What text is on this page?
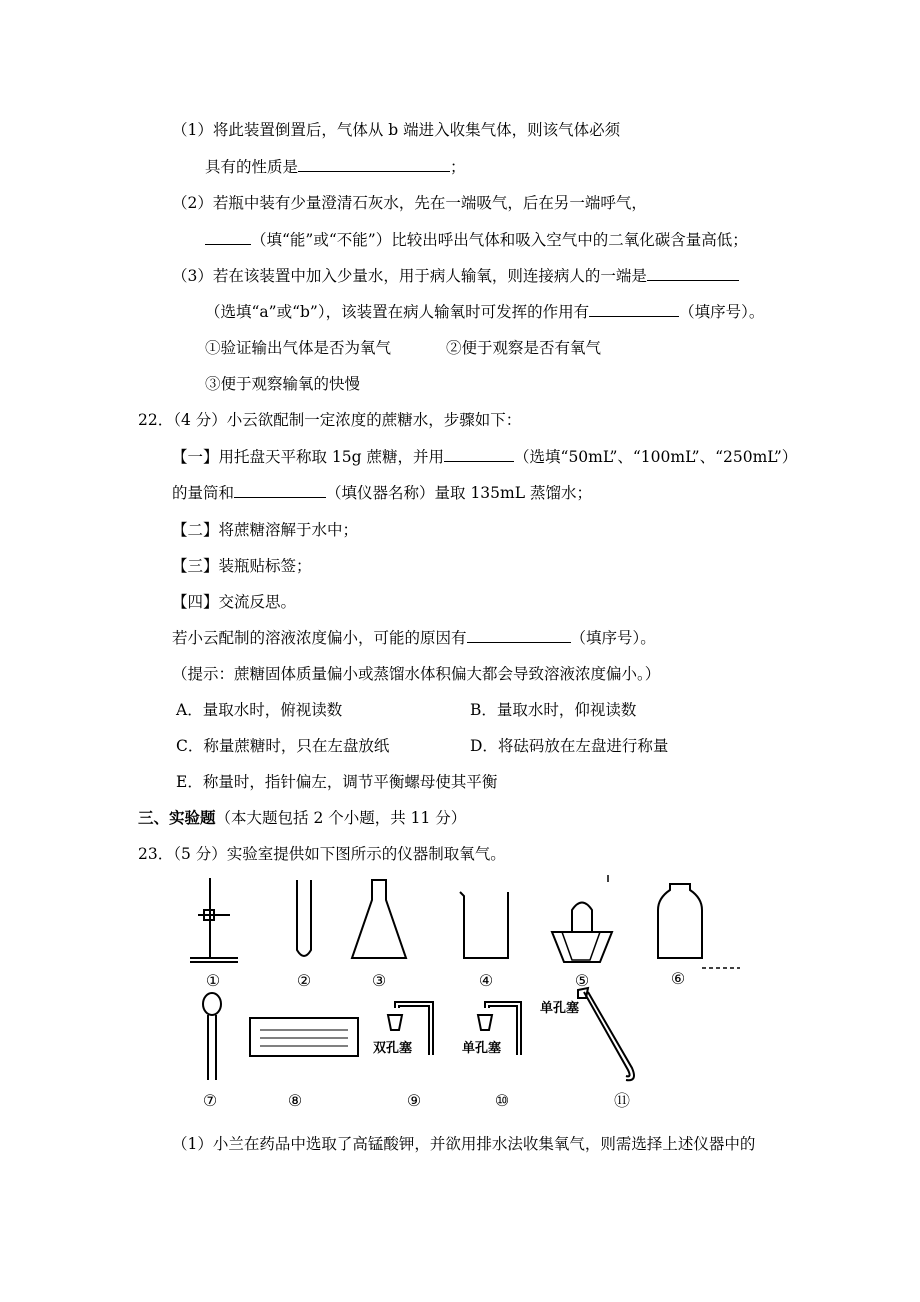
（1）将此装置倒置后，气体从 b 端进入收集气体，则该气体必须
具有的性质是	；
（2）若瓶中装有少量澄清石灰水，先在一端吸气，后在另一端呼气，
（填“能”或“不能”）比较出呼出气体和吸入空气中的二氧化碳含量高低；
（3）若在该装置中加入少量水，用于病人输氧，则连接病人的一端是
（选填“a”或“b”），该装置在病人输氧时可发挥的作用有	（填序号）。
①验证输出气体是否为氧气	②便于观察是否有氧气
③便于观察输氧的快慢
22．（4 分）小云欲配制一定浓度的蔗糖水，步骤如下：
【一】用托盘天平称取 15g 蔗糖，并用	（选填“50mL”、“100mL”、“250mL”）
的量筒和	（填仪器名称）量取 135mL 蒸馏水；
【二】将蔗糖溶解于水中；
【三】装瓶贴标签；
【四】交流反思。
若小云配制的溶液浓度偏小，可能的原因有	（填序号）。
（提示：蔗糖固体质量偏小或蒸馏水体积偏大都会导致溶液浓度偏小。）
A．量取水时，俯视读数	B．量取水时，仰视读数
C．称量蔗糖时，只在左盘放纸	D．将砝码放在左盘进行称量
E．称量时，指针偏左，调节平衡螺母使其平衡
三、实验题（本大题包括 2 个小题，共 11 分）
23．（5 分）实验室提供如下图所示的仪器制取氧气。
双孔塞	单孔塞
单孔塞
①	②	③	④	⑤	⑥
⑦	⑧	⑨	⑩	⑪
（1）小兰在药品中选取了高锰酸钾，并欲用排水法收集氧气，则需选择上述仪器中的
